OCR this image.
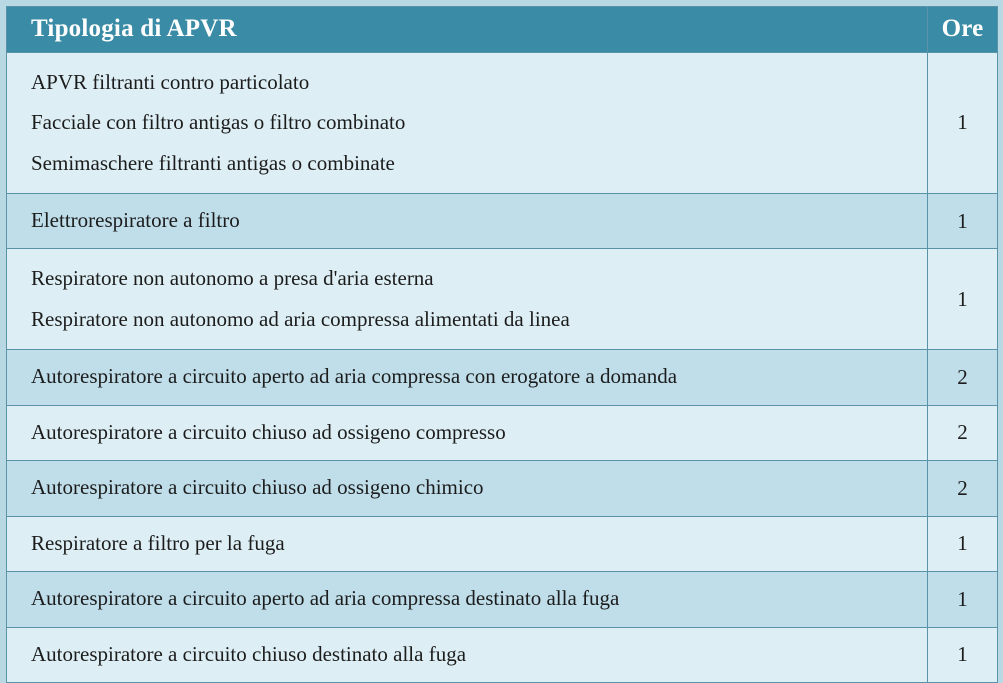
Tipologia di APVR	Ore

APVR filtranti contro particolato
Facciale con filtro antigas o filtro combinato
Semimaschere filtranti antigas o combinate	1

Elettrorespiratore a filtro	1

Respiratore non autonomo a presa d'aria esterna
Respiratore non autonomo ad aria compressa alimentati da linea	1

Autorespiratore a circuito aperto ad aria compressa con erogatore a domanda	2

Autorespiratore a circuito chiuso ad ossigeno compresso	2

Autorespiratore a circuito chiuso ad ossigeno chimico	2

Respiratore a filtro per la fuga	1

Autorespiratore a circuito aperto ad aria compressa destinato alla fuga	1

Autorespiratore a circuito chiuso destinato alla fuga	1
